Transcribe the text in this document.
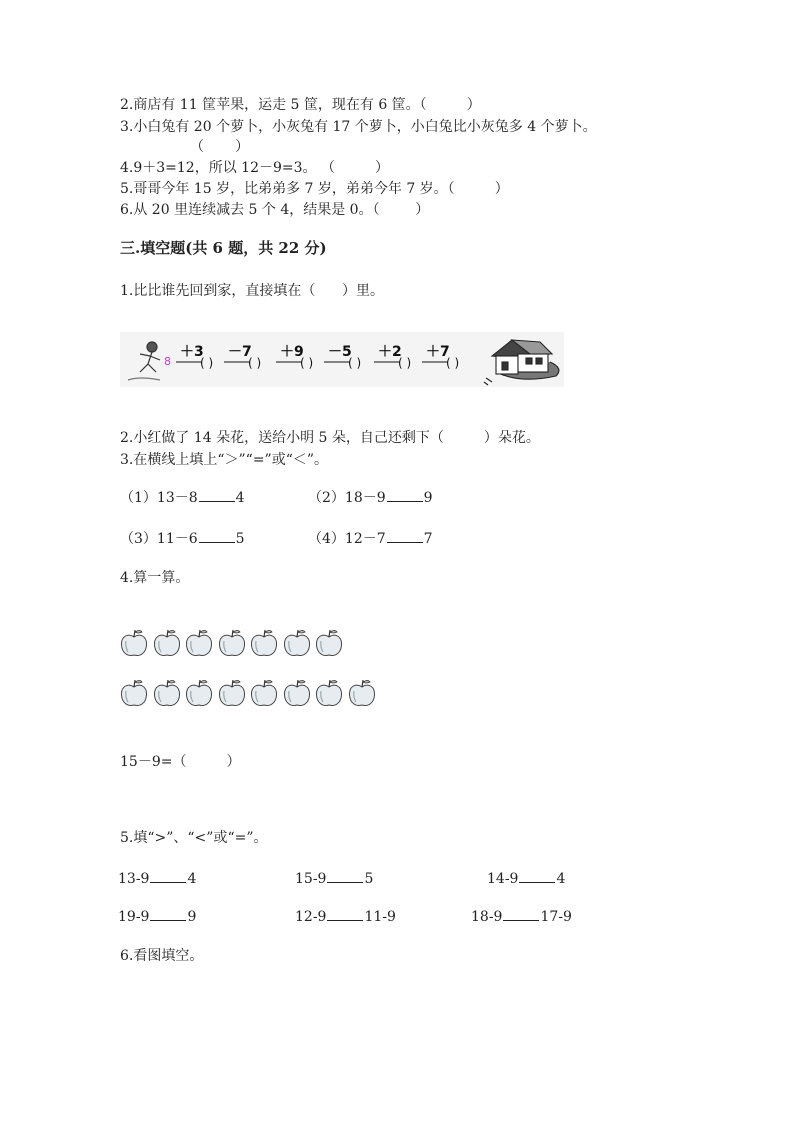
2.商店有 11 筐苹果，运走 5 筐，现在有 6 筐。（         ）
3.小白兔有 20 个萝卜，小灰兔有 17 个萝卜，小白兔比小灰兔多 4 个萝卜。
（       ）
4.9＋3=12，所以 12－9=3。 （         ）
5.哥哥今年 15 岁，比弟弟多 7 岁，弟弟今年 7 岁。（         ）
6.从 20 里连续减去 5 个 4，结果是 0。（        ）
三.填空题(共 6 题，共 22 分)
1.比比谁先回到家，直接填在（      ）里。
8
＋3 －7 ＋9 －5 ＋2 ＋7
( )	( )	( )	( )	( )	( )
2.小红做了 14 朵花，送给小明 5 朵，自己还剩下（         ）朵花。
3.在横线上填上“＞”“=”或“＜”。
（1）13－8	4	（2）18－9	9
（3）11－6	5	（4）12－7	7
4.算一算。
15－9=（         ）
5.填“>”、“<”或“=”。
13-9	4	15-9	5	14-9	4
19-9	9	12-9	11-9	18-9	17-9
6.看图填空。
